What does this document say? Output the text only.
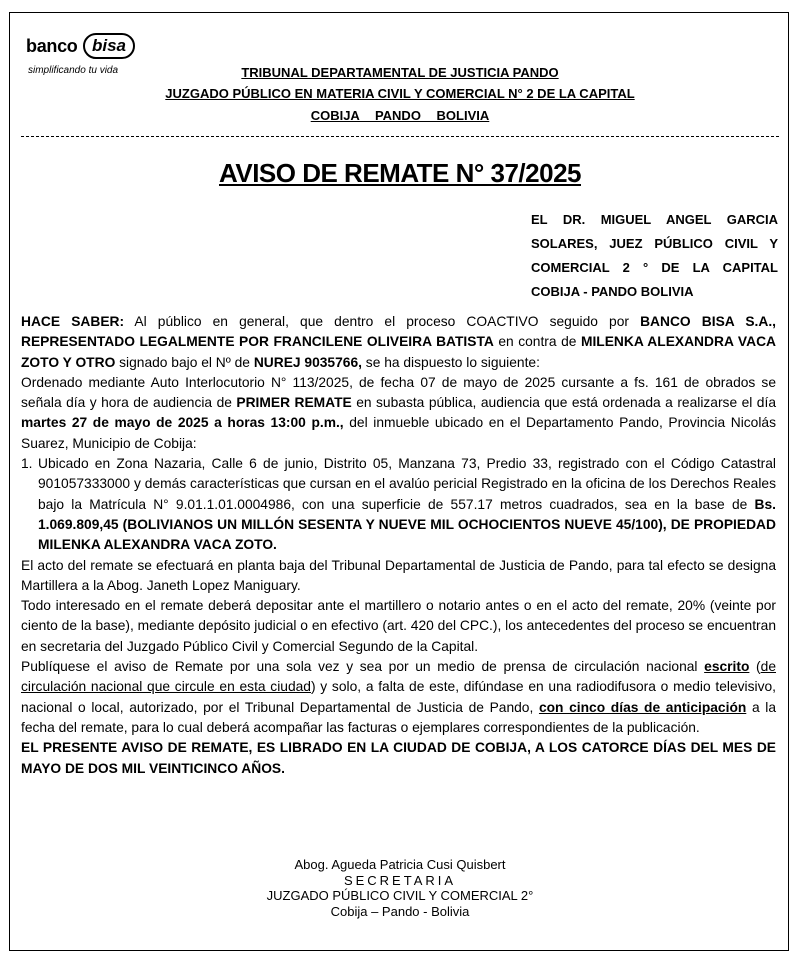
banco bisa
simplificando tu vida	TRIBUNAL DEPARTAMENTAL DE JUSTICIA PANDO
JUZGADO PÚBLICO EN MATERIA CIVIL Y COMERCIAL N° 2 DE LA CAPITAL
COBIJA PANDO BOLIVIA
AVISO DE REMATE N° 37/2025
EL DR. MIGUEL ANGEL GARCIA SOLARES, JUEZ PÚBLICO CIVIL Y COMERCIAL 2 ° DE LA CAPITAL COBIJA - PANDO BOLIVIA

HACE SABER: Al público en general, que dentro el proceso COACTIVO seguido por BANCO BISA S.A., REPRESENTADO LEGALMENTE POR FRANCILENE OLIVEIRA BATISTA en contra de MILENKA ALEXANDRA VACA ZOTO Y OTRO signado bajo el Nº de NUREJ 9035766, se ha dispuesto lo siguiente:

Ordenado mediante Auto Interlocutorio N° 113/2025, de fecha 07 de mayo de 2025 cursante a fs. 161 de obrados se señala día y hora de audiencia de PRIMER REMATE en subasta pública, audiencia que está ordenada a realizarse el día martes 27 de mayo de 2025 a horas 13:00 p.m., del inmueble ubicado en el Departamento Pando, Provincia Nicolás Suarez, Municipio de Cobija:

1. Ubicado en Zona Nazaria, Calle 6 de junio, Distrito 05, Manzana 73, Predio 33, registrado con el Código Catastral 901057333000 y demás características que cursan en el avalúo pericial Registrado en la oficina de los Derechos Reales bajo la Matrícula N° 9.01.1.01.0004986, con una superficie de 557.17 metros cuadrados, sea en la base de Bs. 1.069.809,45 (BOLIVIANOS UN MILLÓN SESENTA Y NUEVE MIL OCHOCIENTOS NUEVE 45/100), DE PROPIEDAD MILENKA ALEXANDRA VACA ZOTO.

El acto del remate se efectuará en planta baja del Tribunal Departamental de Justicia de Pando, para tal efecto se designa Martillera a la Abog. Janeth Lopez Maniguary.

Todo interesado en el remate deberá depositar ante el martillero o notario antes o en el acto del remate, 20% (veinte por ciento de la base), mediante depósito judicial o en efectivo (art. 420 del CPC.), los antecedentes del proceso se encuentran en secretaria del Juzgado Público Civil y Comercial Segundo de la Capital.

Publíquese el aviso de Remate por una sola vez y sea por un medio de prensa de circulación nacional escrito (de circulación nacional que circule en esta ciudad) y solo, a falta de este, difúndase en una radiodifusora o medio televisivo, nacional o local, autorizado, por el Tribunal Departamental de Justicia de Pando, con cinco días de anticipación a la fecha del remate, para lo cual deberá acompañar las facturas o ejemplares correspondientes de la publicación.

EL PRESENTE AVISO DE REMATE, ES LIBRADO EN LA CIUDAD DE COBIJA, A LOS CATORCE DÍAS DEL MES DE MAYO DE DOS MIL VEINTICINCO AÑOS.

Abog. Agueda Patricia Cusi Quisbert
SECRETARIA
JUZGADO PÚBLICO CIVIL Y COMERCIAL 2°
Cobija – Pando - Bolivia
